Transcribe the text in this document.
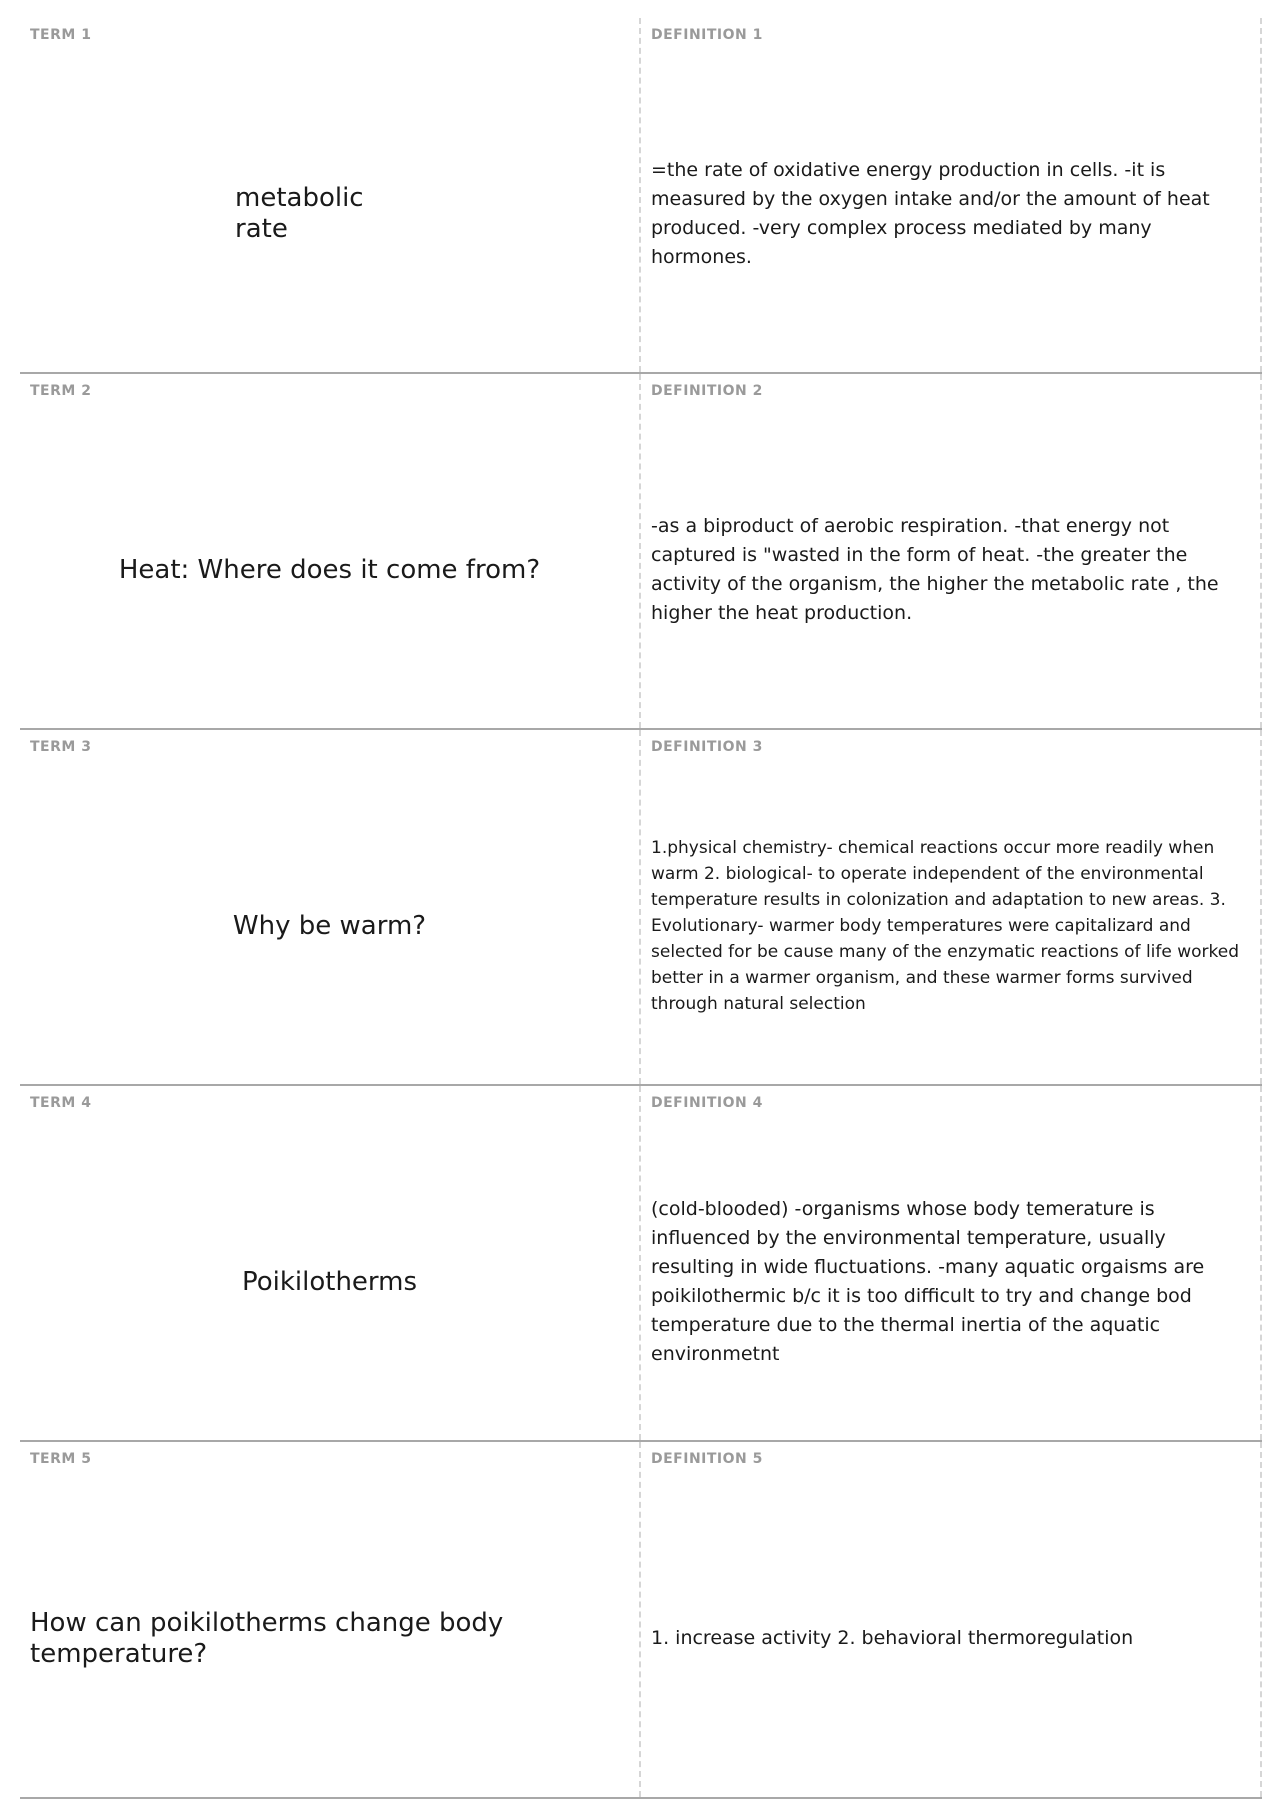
TERM 1
metabolic rate
DEFINITION 1
=the rate of oxidative energy production in cells. -it is measured by the oxygen intake and/or the amount of heat produced. -very complex process mediated by many hormones.
TERM 2
Heat: Where does it come from?
DEFINITION 2
-as a biproduct of aerobic respiration. -that energy not captured is "wasted in the form of heat. -the greater the activity of the organism, the higher the metabolic rate , the higher the heat production.
TERM 3
Why be warm?
DEFINITION 3
1.physical chemistry- chemical reactions occur more readily when warm 2. biological- to operate independent of the environmental temperature results in colonization and adaptation to new areas. 3. Evolutionary- warmer body temperatures were capitalizard and selected for be cause many of the enzymatic reactions of life worked better in a warmer organism, and these warmer forms survived through natural selection
TERM 4
Poikilotherms
DEFINITION 4
(cold-blooded) -organisms whose body temerature is influenced by the environmental temperature, usually resulting in wide fluctuations. -many aquatic orgaisms are poikilothermic b/c it is too difficult to try and change bod temperature due to the thermal inertia of the aquatic environmetnt
TERM 5
How can poikilotherms change body temperature?
DEFINITION 5
1. increase activity 2. behavioral thermoregulation
